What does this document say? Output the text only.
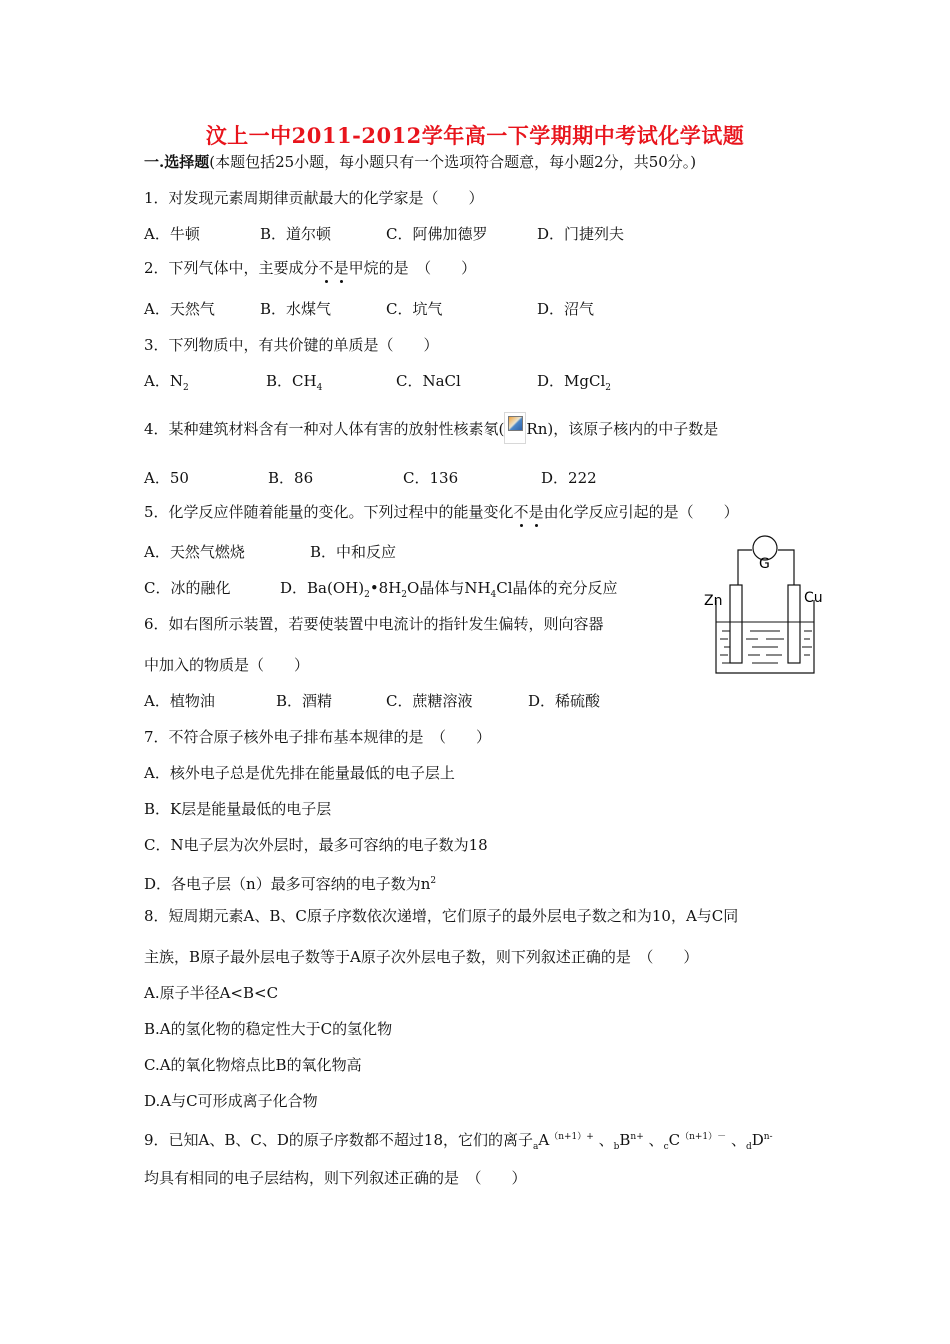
汶上一中2011-2012学年高一下学期期中考试化学试题
一.选择题(本题包括25小题，每小题只有一个选项符合题意，每小题2分，共50分。)
1．对发现元素周期律贡献最大的化学家是（　　）
A．牛顿	B．道尔顿	C．阿佛加德罗	D．门捷列夫
2．下列气体中，主要成分不是甲烷的是　（　　）
A．天然气	B．水煤气	C．坑气	D．沼气
3．下列物质中，有共价键的单质是（　　）
A．$N_2$	B．$CH_4$	C．NaCl	D．MgCl$_2$
4．某种建筑材料含有一种对人体有害的放射性核素氡( Rn)，该原子核内的中子数是
A．50	B．86	C．136	D．222
5．化学反应伴随着能量的变化。下列过程中的能量变化不是由化学反应引起的是（　　）
A．天然气燃烧	B．中和反应
C．冰的融化	D．$Ba(OH)_2•8H_2O$晶体与$NH_4Cl$晶体的充分反应
G
Zn	Cu
6．如右图所示装置，若要使装置中电流计的指针发生偏转，则向容器
中加入的物质是（　　）
A．植物油	B．酒精	C．蔗糖溶液	D．稀硫酸
7．不符合原子核外电子排布基本规律的是　（　　）
A．核外电子总是优先排在能量最低的电子层上
B．K层是能量最低的电子层
C．N电子层为次外层时，最多可容纳的电子数为18
D．各电子层（n）最多可容纳的电子数为$n^2$
8．短周期元素A、B、C原子序数依次递增，它们原子的最外层电子数之和为10，A与C同
主族，B原子最外层电子数等于A原子次外层电子数，则下列叙述正确的是　（　　）
A.原子半径A<B<C
B.A的氢化物的稳定性大于C的氢化物
C.A的氧化物熔点比B的氧化物高
D.A与C可形成离子化合物
9．已知A、B、C、D的原子序数都不超过18，它们的离子$_aA^{(n+1)+}$ 、$_bB^{n+}$ 、$_cC^{(n+1)-}$ 、$_dD^{n-}$
均具有相同的电子层结构，则下列叙述正确的是　（　　）
